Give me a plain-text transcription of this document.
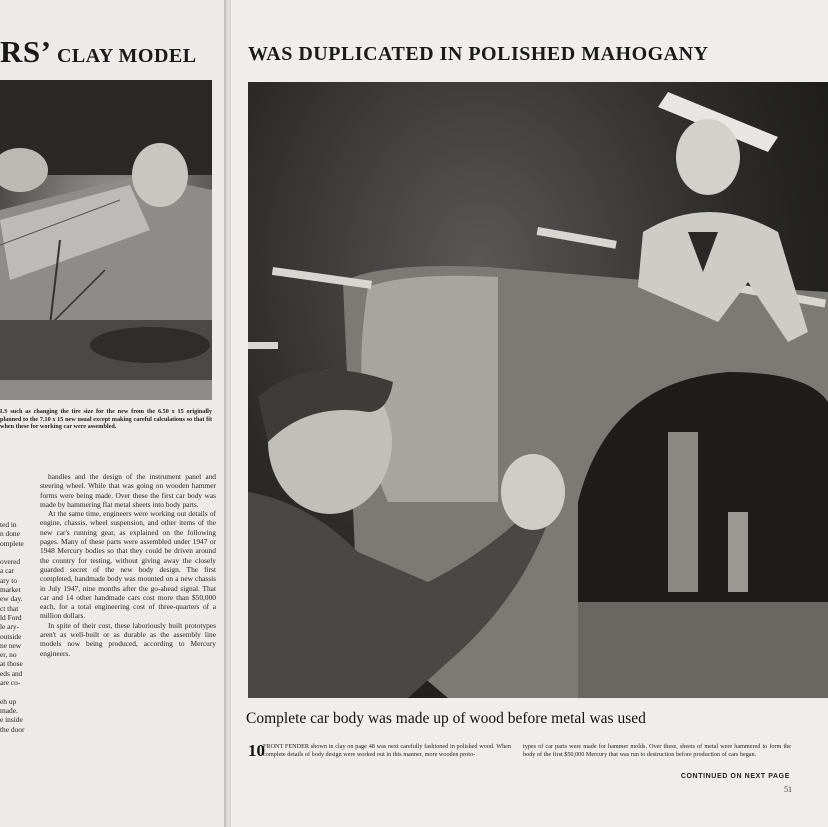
RS’ CLAY MODEL
LS such as changing the tire size for the new from the 6.50 x 15 originally planned to the 7.10 x 15 new usual except making careful calculations so that fit when these for working car were assembled.

ted in

n done

omplete

overed

a car

ary to

market

ew day.

ct that

ld Ford

le ary-

outside

ne new

er, no

at those

eds and

are co-

eh up

made.

e inside

the door

handles and the design of the instrument panel and steering wheel. While that was going on wooden hammer forms were being made. Over these the first car body was made by hammering flat metal sheets into body parts.

At the same time, engineers were working out details of engine, chassis, wheel suspension, and other items of the new car's running gear, as explained on the following pages. Many of these parts were assembled under 1947 or 1948 Mercury bodies so that they could be driven around the country for testing, without giving away the closely guarded secret of the new body design. The first completed, handmade body was mounted on a new chassis in July 1947, nine months after the go-ahead signal. That car and 14 other handmade cars cost more than $50,000 each, for a total engineering cost of three-quarters of a million dollars.

In spite of their cost, these laboriously built prototypes aren't as well-built or as durable as the assembly line models now being produced, according to Mercury engineers.

WAS DUPLICATED IN POLISHED MAHOGANY
Complete car body was made up of wood before metal was used
10
FRONT FENDER shown in clay on page 48 was next carefully fashioned in polished wood. When complete details of body design were worked out in this manner, more wooden proto-
types of car parts were made for hammer molds. Over these, sheets of metal were hammered to form the body of the first $50,000 Mercury that was run to destruction before production of cars began.
CONTINUED ON NEXT PAGE
51
